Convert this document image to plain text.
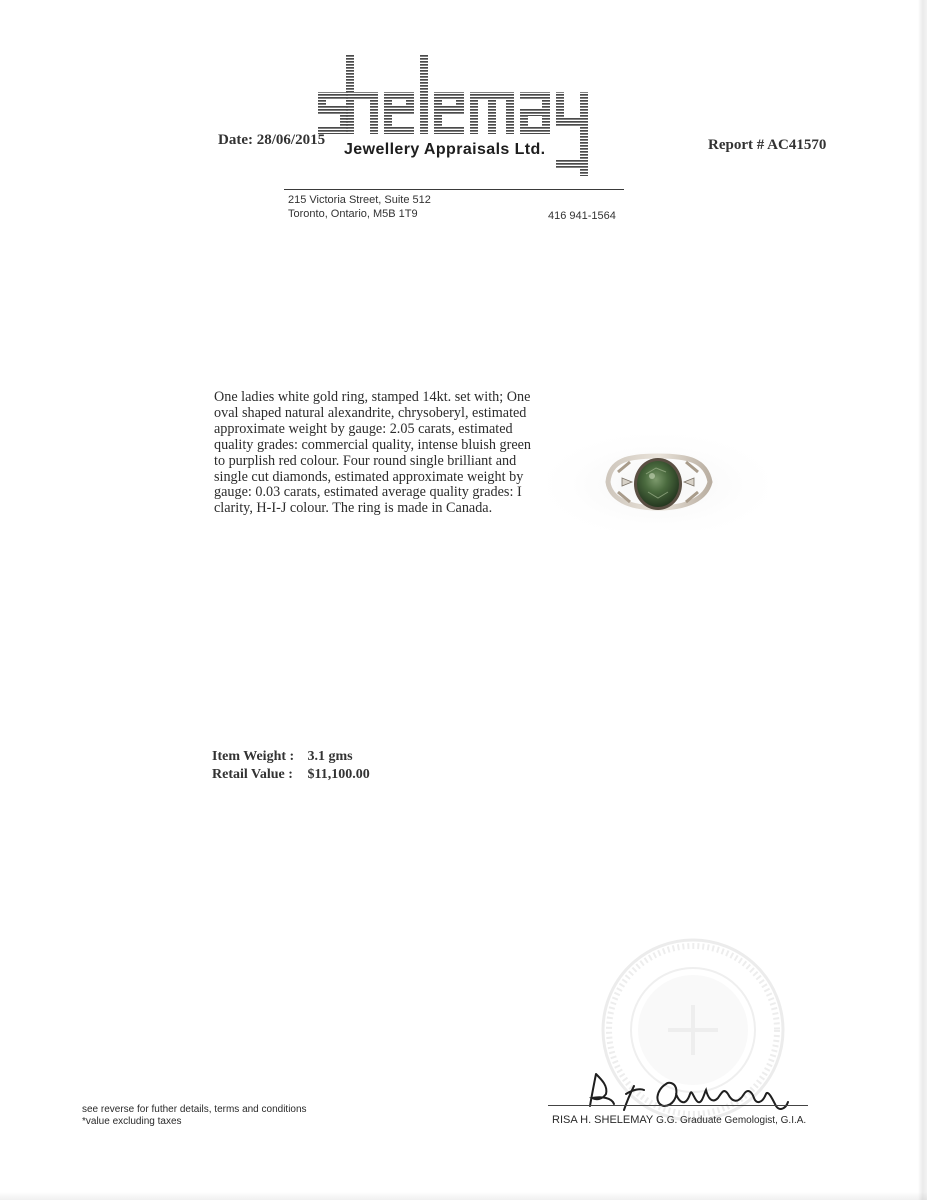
Date: 28/06/2015
Jewellery Appraisals Ltd.	Report # AC41570
215 Victoria Street, Suite 512
Toronto, Ontario, M5B 1T9	416 941-1564
One ladies white gold ring, stamped 14kt. set with; One oval shaped natural alexandrite, chrysoberyl, estimated approximate weight by gauge: 2.05 carats, estimated quality grades: commercial quality, intense bluish green to purplish red colour. Four round single brilliant and single cut diamonds, estimated approximate weight by gauge: 0.03 carats, estimated average quality grades: I clarity, H-I-J colour. The ring is made in Canada.
Item Weight : 3.1 gms
Retail Value : $11,100.00
see reverse for futher details, terms and conditions
*value excluding taxes	RISA H. SHELEMAY G.G. Graduate Gemologist, G.I.A.
